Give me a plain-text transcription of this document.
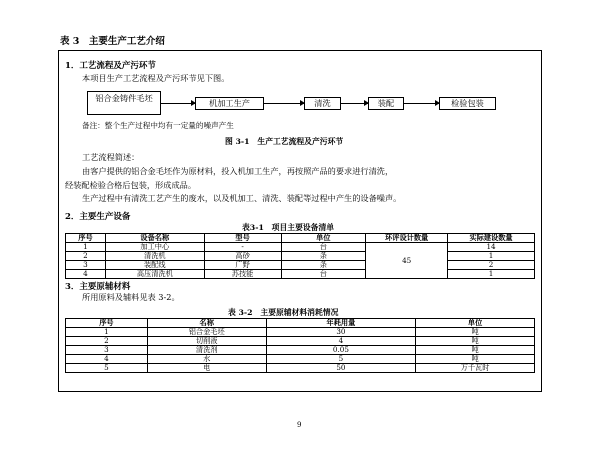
表 3　主要生产工艺介绍
1．工艺流程及产污环节
本项目生产工艺流程及产污环节见下图。
铝合金铸件毛坯	机加工生产	清洗	装配	检验包装
备注：整个生产过程中均有一定量的噪声产生
图 3-1　生产工艺流程及产污环节
工艺流程简述：
由客户提供的铝合金毛坯作为原材料，投入机加工生产，再按照产品的要求进行清洗，
经装配检验合格后包装，形成成品。
生产过程中有清洗工艺产生的废水，以及机加工、清洗、装配等过程中产生的设备噪声。
2．主要生产设备
表3-1　项目主要设备清单
序号	设备名称	型号	单位	环评设计数量	实际建设数量
1	加工中心	-	台	45	14
2	清洗机	高砂	条		1
3	装配线	广野	条		2
4	高压清洗机	苏技能	台		1
3．主要原辅材料
所用原料及辅料见表 3-2。
表 3-2　主要原辅材料消耗情况
序号	名称	年耗用量	单位
1	铝合金毛坯	30	吨
2	切削液	4	吨
3	清洗剂	0.05	吨
4	水	5	吨
5	电	50	万千瓦时
9
